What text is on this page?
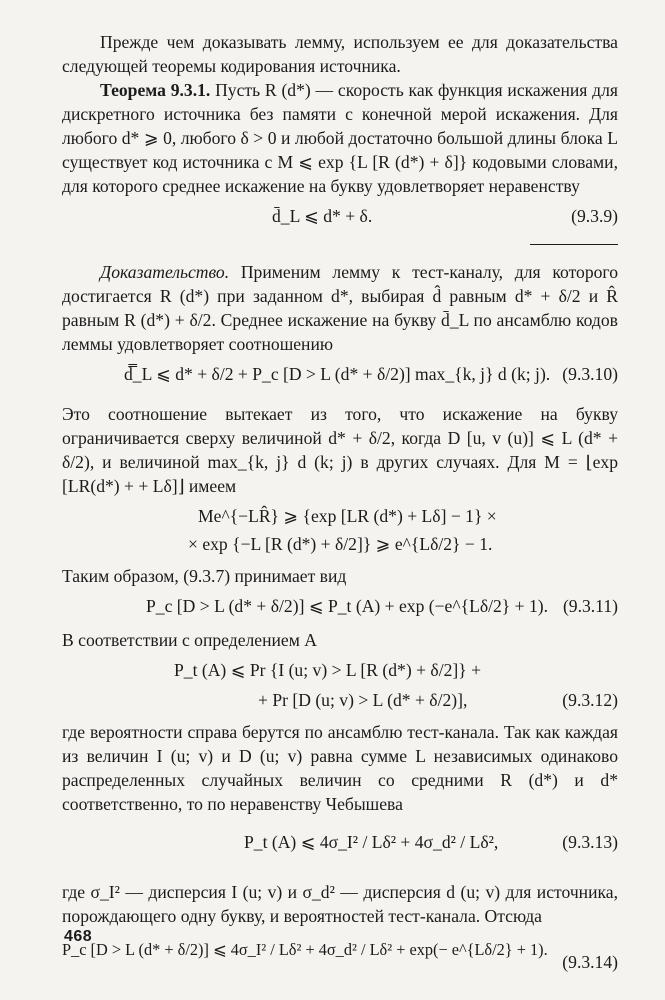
Прежде чем доказывать лемму, используем ее для доказательства следующей теоремы кодирования источника.

Теорема 9.3.1. Пусть R (d*) — скорость как функция искажения для дискретного источника без памяти с конечной мерой искажения. Для любого d* ⩾ 0, любого δ > 0 и любой достаточно большой длины блока L существует код источника с M ⩽ exp {L [R (d*) + δ]} кодовыми словами, для которого среднее искажение на букву удовлетворяет неравенству

d̄_L ⩽ d* + δ.	(9.3.9)

Доказательство. Применим лемму к тест-каналу, для которого достигается R (d*) при заданном d*, выбирая d̂ равным d* + δ/2 и R̂ равным R (d*) + δ/2. Среднее искажение на букву d̄_L по ансамблю кодов леммы удовлетворяет соотношению

d̿_L ⩽ d* + δ/2 + P_c [D > L (d* + δ/2)] max_{k, j} d (k; j). (9.3.10)

Это соотношение вытекает из того, что искажение на букву ограничивается сверху величиной d* + δ/2, когда D [u, v (u)] ⩽ L (d* + δ/2), и величиной max_{k, j} d (k; j) в других случаях. Для M = ⌊exp [LR(d*) + + Lδ]⌋ имеем

Me^{−LR̂} ⩾ {exp [LR (d*) + Lδ] − 1} ×
× exp {−L [R (d*) + δ/2]} ⩾ e^{Lδ/2} − 1.

Таким образом, (9.3.7) принимает вид

P_c [D > L (d* + δ/2)] ⩽ P_t (A) + exp (−e^{Lδ/2} + 1). (9.3.11)

В соответствии с определением A

P_t (A) ⩽ Pr {I (u; v) > L [R (d*) + δ/2]} +
+ Pr [D (u; v) > L (d* + δ/2)],	(9.3.12)

где вероятности справа берутся по ансамблю тест-канала. Так как каждая из величин I (u; v) и D (u; v) равна сумме L независимых одинаково распределенных случайных величин со средними R (d*) и d* соответственно, то по неравенству Чебышева

P_t (A) ⩽ 4σ_I² / Lδ² + 4σ_d² / Lδ²,	(9.3.13)

где σ_I² — дисперсия I (u; v) и σ_d² — дисперсия d (u; v) для источника, порождающего одну букву, и вероятностей тест-канала. Отсюда

P_c [D > L (d* + δ/2)] ⩽ 4σ_I² / Lδ² + 4σ_d² / Lδ² + exp(− e^{Lδ/2} + 1).
(9.3.14)
468
